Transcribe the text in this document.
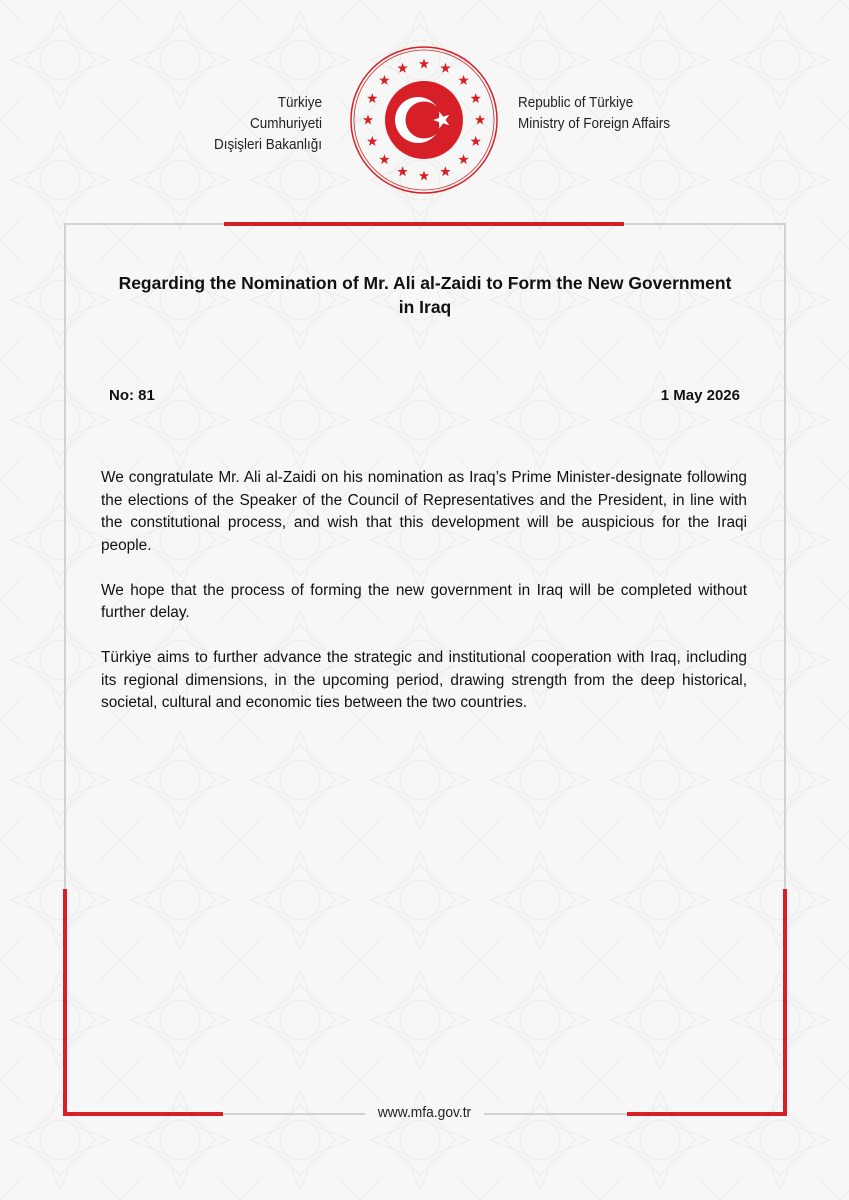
Türkiye Cumhuriyeti
Dışişleri Bakanlığı
Republic of Türkiye
Ministry of Foreign Affairs
Regarding the Nomination of Mr. Ali al-Zaidi to Form the New Government in Iraq
No: 81	1 May 2026

We congratulate Mr. Ali al-Zaidi on his nomination as Iraq’s Prime Minister-designate following the elections of the Speaker of the Council of Representatives and the President, in line with the constitutional process, and wish that this development will be auspicious for the Iraqi people.

We hope that the process of forming the new government in Iraq will be completed without further delay.

Türkiye aims to further advance the strategic and institutional cooperation with Iraq, including its regional dimensions, in the upcoming period, drawing strength from the deep historical, societal, cultural and economic ties between the two countries.

www.mfa.gov.tr
